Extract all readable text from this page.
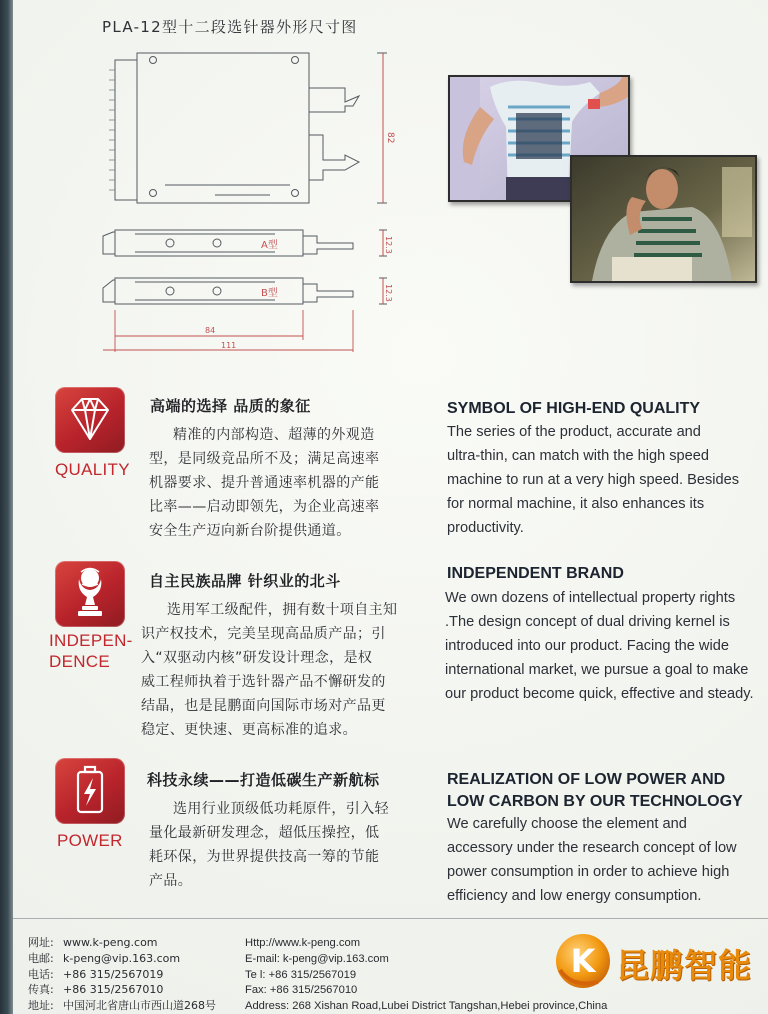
PLA-12型十二段选针器外形尺寸图
82
A型	12.3
B型	12.3
84
111
QUALITY
高端的选择 品质的象征
精准的内部构造、超薄的外观造
型，是同级竞品所不及；满足高速率
机器要求、提升普通速率机器的产能
比率——启动即领先，为企业高速率
安全生产迈向新台阶提供通道。
SYMBOL OF HIGH-END QUALITY
The series of the product, accurate and
ultra-thin, can match with the high speed
machine to run at a very high speed. Besides
for normal machine, it also enhances its
productivity.
INDEPEN-
DENCE
自主民族品牌 针织业的北斗
选用军工级配件，拥有数十项自主知
识产权技术，完美呈现高品质产品；引
入“双驱动内核”研发设计理念，是权
威工程师执着于选针器产品不懈研发的
结晶，也是昆鹏面向国际市场对产品更
稳定、更快速、更高标准的追求。
INDEPENDENT BRAND
We own dozens of intellectual property rights
.The design concept of dual driving kernel is
introduced into our product. Facing the wide
international market, we pursue a goal to make
our product become quick, effective and steady.
POWER
科技永续——打造低碳生产新航标
选用行业顶级低功耗原件，引入轻
量化最新研发理念，超低压操控，低
耗环保，为世界提供技高一筹的节能
产品。
REALIZATION OF LOW POWER AND
LOW CARBON BY OUR TECHNOLOGY
We carefully choose the element and
accessory under the research concept of low
power consumption in order to achieve high
efficiency and low energy consumption.
网址: www.k-peng.com
电邮: k-peng@vip.163.com
电话: +86 315/2567019
传真: +86 315/2567010
地址: 中国河北省唐山市西山道268号
Http://www.k-peng.com
E-mail: k-peng@vip.163.com
Te l: +86 315/2567019
Fax: +86 315/2567010
Address: 268 Xishan Road,Lubei District Tangshan,Hebei province,China
K 昆鹏智能
